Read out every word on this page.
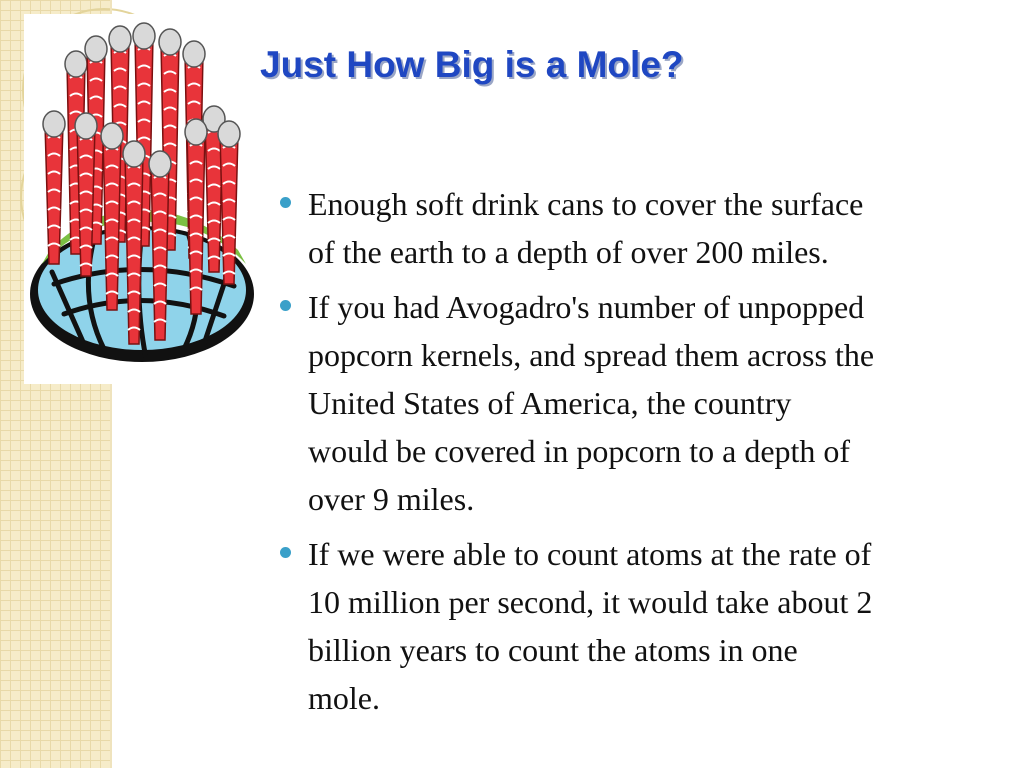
Just How Big is a Mole?
Enough soft drink cans to cover the surface
of the earth to a depth of over 200 miles.
If you had Avogadro's number of unpopped
popcorn kernels, and spread them across the
United States of America, the country
would be covered in popcorn to a depth of
over 9 miles.
If we were able to count atoms at the rate of
10 million per second, it would take about 2
billion years to count the atoms in one
mole.
